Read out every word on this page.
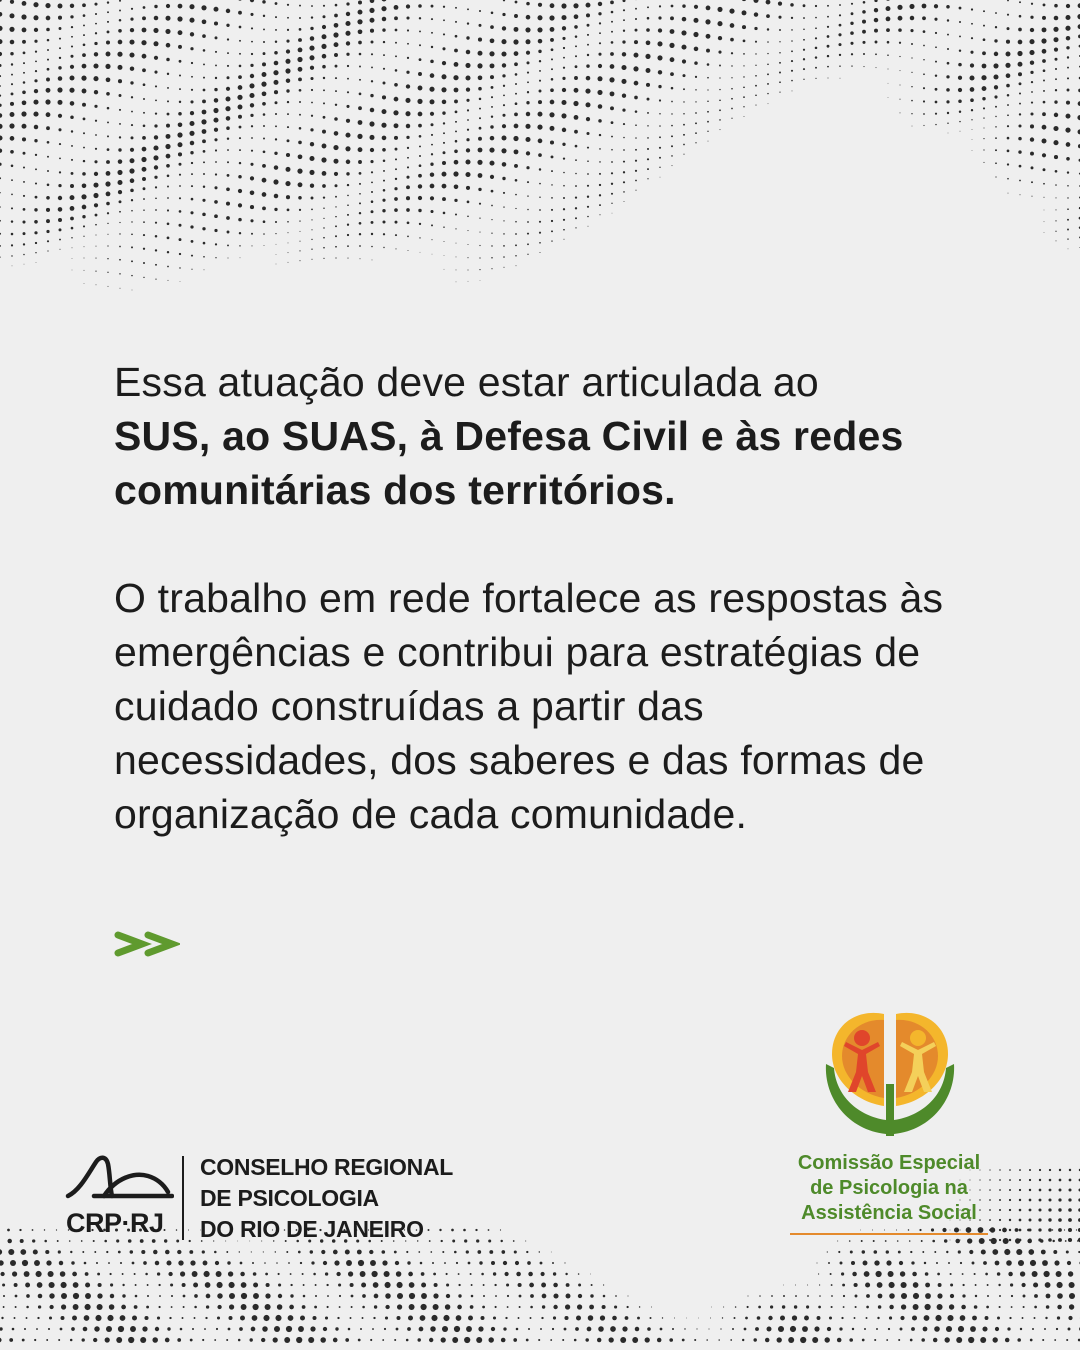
Essa atuação deve estar articulada ao
SUS, ao SUAS, à Defesa Civil e às redes comunitárias dos territórios.

O trabalho em rede fortalece as respostas às emergências e contribui para estratégias de cuidado construídas a partir das necessidades, dos saberes e das formas de organização de cada comunidade.

CRP·RJ
CONSELHO REGIONAL
DE PSICOLOGIA
DO RIO DE JANEIRO
Comissão Especial
de Psicologia na
Assistência Social
